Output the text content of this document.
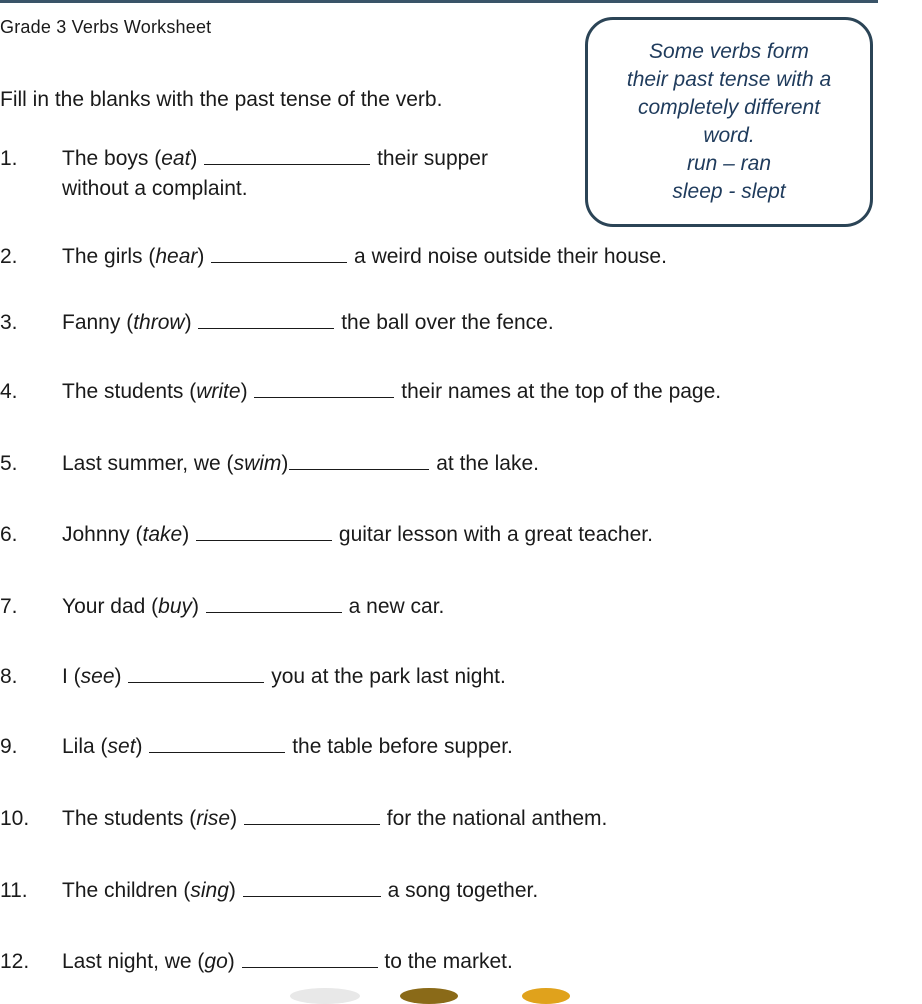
Grade 3 Verbs Worksheet
Fill in the blanks with the past tense of the verb.
Some verbs form
their past tense with a
completely different
word.
run – ran
sleep - slept
1. The boys (eat)	their supper
without a complaint.
2. The girls (hear)	a weird noise outside their house.
3. Fanny (throw)	the ball over the fence.
4. The students (write)	their names at the top of the page.
5. Last summer, we (swim)	at the lake.
6. Johnny (take)	guitar lesson with a great teacher.
7. Your dad (buy)	a new car.
8. I (see)	you at the park last night.
9. Lila (set)	the table before supper.
10. The students (rise)	for the national anthem.
11. The children (sing)	a song together.
12. Last night, we (go)	to the market.
